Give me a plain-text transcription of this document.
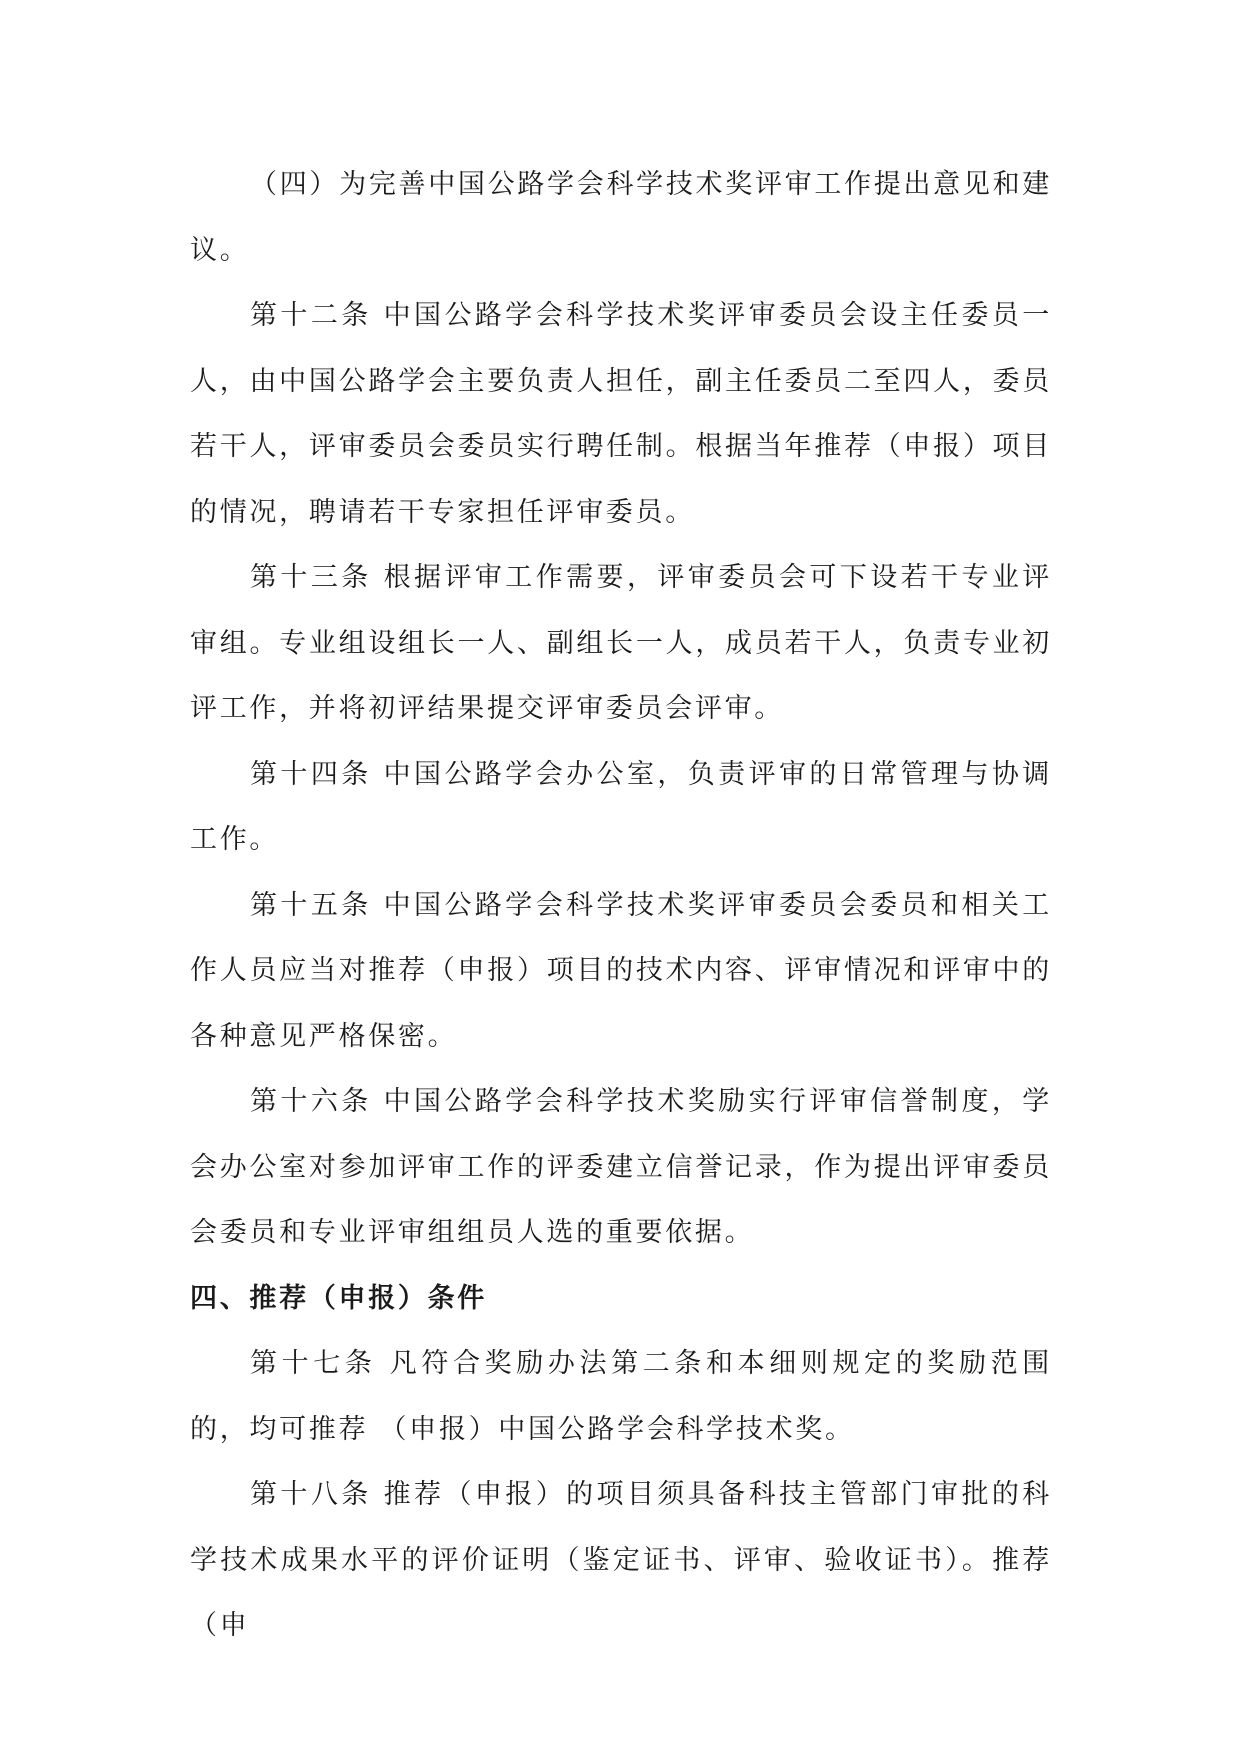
（四）为完善中国公路学会科学技术奖评审工作提出意见和建议。

第十二条 中国公路学会科学技术奖评审委员会设主任委员一人，由中国公路学会主要负责人担任，副主任委员二至四人，委员若干人，评审委员会委员实行聘任制。根据当年推荐（申报）项目的情况，聘请若干专家担任评审委员。

第十三条 根据评审工作需要，评审委员会可下设若干专业评审组。专业组设组长一人、副组长一人，成员若干人，负责专业初评工作，并将初评结果提交评审委员会评审。

第十四条 中国公路学会办公室，负责评审的日常管理与协调工作。

第十五条 中国公路学会科学技术奖评审委员会委员和相关工作人员应当对推荐（申报）项目的技术内容、评审情况和评审中的各种意见严格保密。

第十六条 中国公路学会科学技术奖励实行评审信誉制度，学会办公室对参加评审工作的评委建立信誉记录，作为提出评审委员会委员和专业评审组组员人选的重要依据。

四、推荐（申报）条件

第十七条 凡符合奖励办法第二条和本细则规定的奖励范围的，均可推荐 （申报）中国公路学会科学技术奖。

第十八条 推荐（申报）的项目须具备科技主管部门审批的科学技术成果水平的评价证明（鉴定证书、评审、验收证书）。推荐（申
